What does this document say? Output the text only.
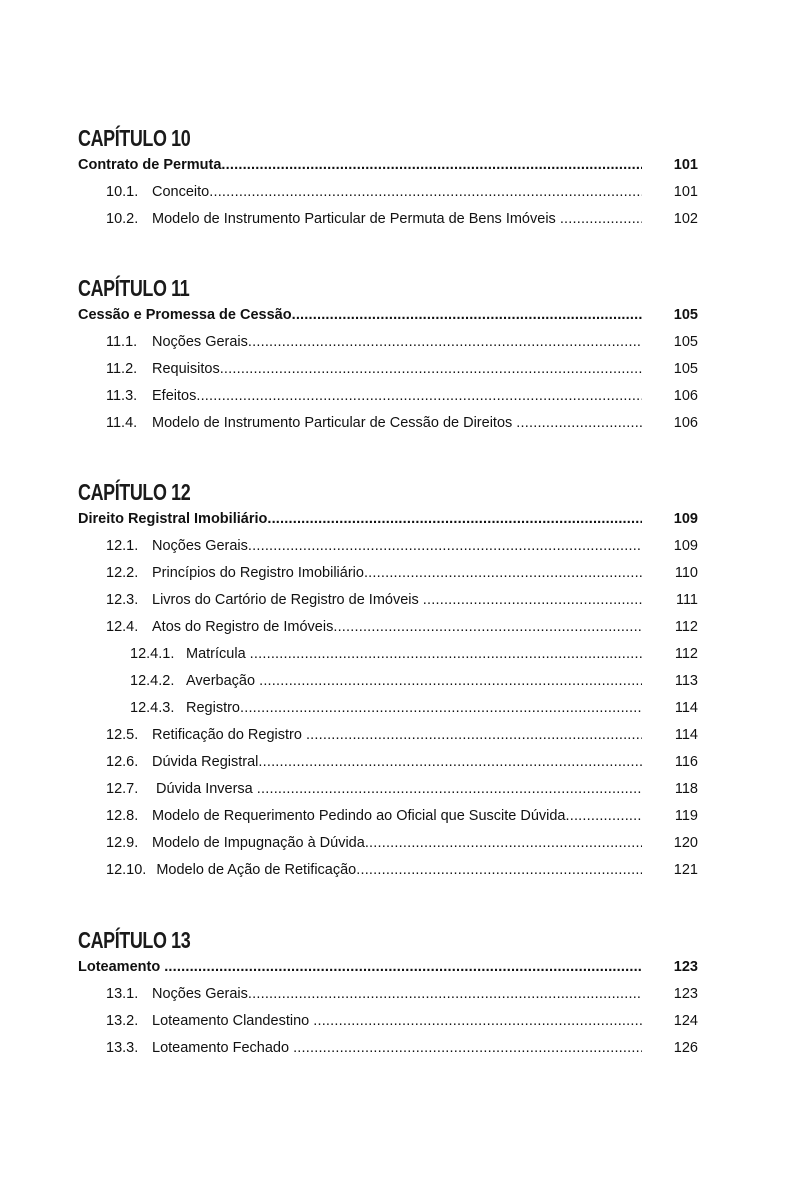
CAPÍTULO 10
Contrato de Permuta .....	101
10.1. Conceito .....	101
10.2. Modelo de Instrumento Particular de Permuta de Bens Imóveis .....	102
CAPÍTULO 11
Cessão e Promessa de Cessão .....	105
11.1. Noções Gerais .....	105
11.2. Requisitos .....	105
11.3. Efeitos .....	106
11.4. Modelo de Instrumento Particular de Cessão de Direitos .....	106
CAPÍTULO 12
Direito Registral Imobiliário .....	109
12.1. Noções Gerais .....	109
12.2. Princípios do Registro Imobiliário .....	110
12.3. Livros do Cartório de Registro de Imóveis .....	111
12.4. Atos do Registro de Imóveis .....	112
12.4.1. Matrícula .....	112
12.4.2. Averbação .....	113
12.4.3. Registro .....	114
12.5. Retificação do Registro .....	114
12.6. Dúvida Registral .....	116
12.7. Dúvida Inversa .....	118
12.8. Modelo de Requerimento Pedindo ao Oficial que Suscite Dúvida .....	119
12.9. Modelo de Impugnação à Dúvida .....	120
12.10. Modelo de Ação de Retificação .....	121
CAPÍTULO 13
Loteamento .....	123
13.1. Noções Gerais .....	123
13.2. Loteamento Clandestino .....	124
13.3. Loteamento Fechado .....	126
